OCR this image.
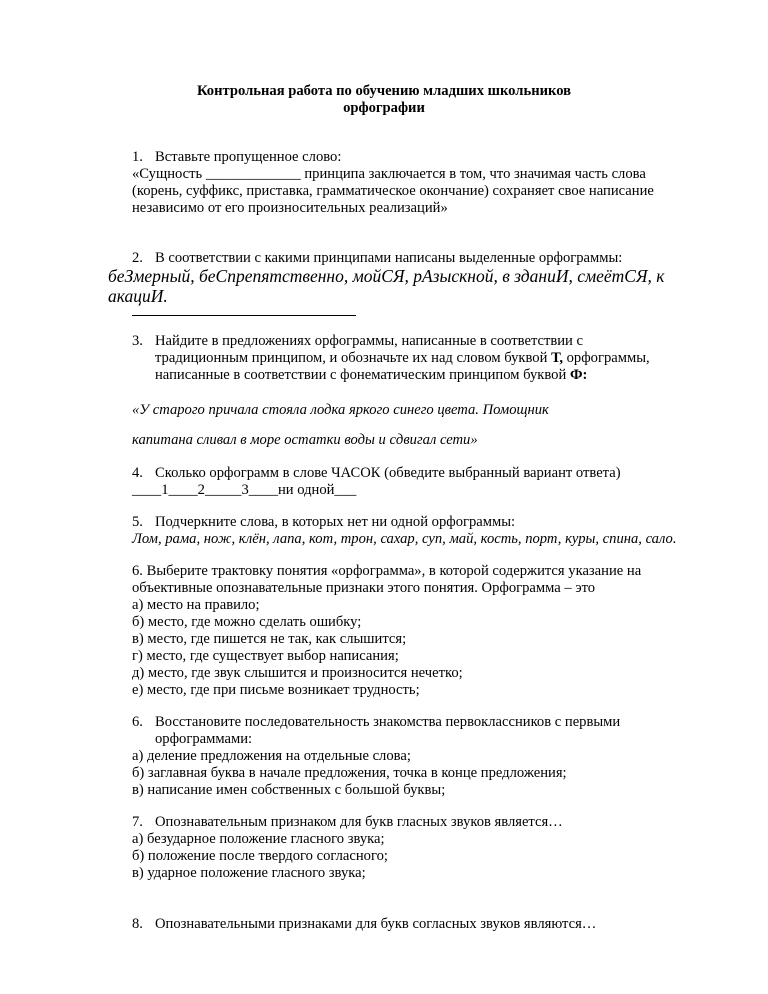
Контрольная работа по обучению младших школьников
орфографии
1. Вставьте пропущенное слово:
«Сущность _____________ принципа заключается в том, что значимая часть слова
(корень, суффикс, приставка, грамматическое окончание) сохраняет свое написание
независимо от его произносительных реализаций»
2. В соответствии с какими принципами написаны выделенные орфограммы:
беЗмерный, беСпрепятственно, мойСЯ, рАзыскной, в зданиИ, смеётСЯ, к
акациИ.
3. Найдите в предложениях орфограммы, написанные в соответствии с
традиционным принципом, и обозначьте их над словом буквой Т, орфограммы,
написанные в соответствии с фонематическим принципом буквой Ф:
«У старого причала стояла лодка яркого синего цвета. Помощник
капитана сливал в море остатки воды и сдвигал сети»
4. Сколько орфограмм в слове ЧАСОК (обведите выбранный вариант ответа)
____1____2_____3____ни одной___
5. Подчеркните слова, в которых нет ни одной орфограммы:
Лом, рама, нож, клён, лапа, кот, трон, сахар, суп, май, кость, порт, куры, спина, сало.
6. Выберите трактовку понятия «орфограмма», в которой содержится указание на
объективные опознавательные признаки этого понятия. Орфограмма – это
а) место на правило;
б) место, где можно сделать ошибку;
в) место, где пишется не так, как слышится;
г) место, где существует выбор написания;
д) место, где звук слышится и произносится нечетко;
е) место, где при письме возникает трудность;
6. Восстановите последовательность знакомства первоклассников с первыми
орфограммами:
а) деление предложения на отдельные слова;
б) заглавная буква в начале предложения, точка в конце предложения;
в) написание имен собственных с большой буквы;
7. Опознавательным признаком для букв гласных звуков является…
а) безударное положение гласного звука;
б) положение после твердого согласного;
в) ударное положение гласного звука;
8. Опознавательными признаками для букв согласных звуков являются…
